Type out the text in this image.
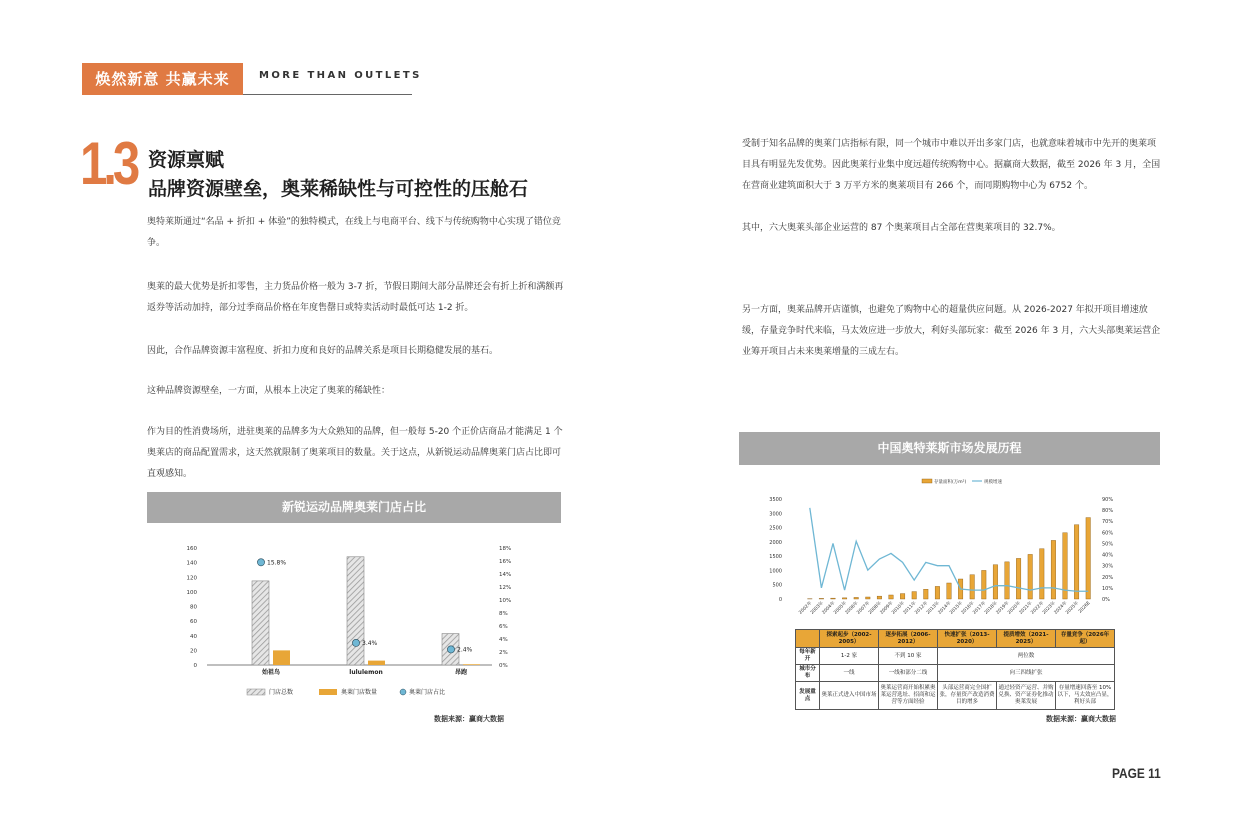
焕然新意 共赢未来	MORE THAN OUTLETS
1.3 资源禀赋
品牌资源壁垒，奥莱稀缺性与可控性的压舱石

奥特莱斯通过“名品 + 折扣 + 体验”的独特模式，在线上与电商平台、线下与传统购物中心实现了错位竞争。

奥莱的最大优势是折扣零售，主力货品价格一般为 3-7 折，节假日期间大部分品牌还会有折上折和满额再返券等活动加持，部分过季商品价格在年度售罄日或特卖活动时最低可达 1-2 折。

因此，合作品牌资源丰富程度、折扣力度和良好的品牌关系是项目长期稳健发展的基石。

这种品牌资源壁垒，一方面，从根本上决定了奥莱的稀缺性：

作为目的性消费场所，进驻奥莱的品牌多为大众熟知的品牌，但一般每 5-20 个正价店商品才能满足 1 个奥莱店的商品配置需求，这天然就限制了奥莱项目的数量。关于这点，从新锐运动品牌奥莱门店占比即可直观感知。

受制于知名品牌的奥莱门店指标有限，同一个城市中难以开出多家门店，也就意味着城市中先开的奥莱项目具有明显先发优势。因此奥莱行业集中度远超传统购物中心。据赢商大数据，截至 2026 年 3 月，全国在营商业建筑面积大于 3 万平方米的奥莱项目有 266 个，而同期购物中心为 6752 个。

其中，六大奥莱头部企业运营的 87 个奥莱项目占全部在营奥莱项目的 32.7%。

另一方面，奥莱品牌开店谨慎，也避免了购物中心的超量供应问题。从 2026-2027 年拟开项目增速放缓，存量竞争时代来临，马太效应进一步放大，利好头部玩家：截至 2026 年 3 月，六大头部奥莱运营企业筹开项目占未来奥莱增量的三成左右。

新锐运动品牌奥莱门店占比
0
20
40
60
80
100
120
140
160
0%
2%
4%
6%
8%
10%
12%
14%
16%
18%
始祖鸟
15.8%
lululemon
3.4%
昂跑
2.4%
门店总数	奥莱门店数量	奥莱门店占比
中国奥特莱斯市场发展历程
0
500
1000
1500
2000
2500
3000
3500
0%
10%
20%
30%
40%
50%
60%
70%
80%
90%
2002年
2003年
2004年
2005年
2006年
2007年
2008年
2009年
2010年
2011年
2012年
2013年
2014年
2015年
2016年
2017年
2018年
2019年
2020年
2021年
2022年
2023年
2024年
2025年
2026E
存量面积(万m²)	规模增速
	探索起步（2002-2005）	逐步拓展（2006-2012）	快速扩张（2013-2020）	提质增效（2021-2025）	存量竞争（2026年起）
每年新开	1-2 家	不到 10 家	两位数		
城市分布	一线	一线和部分二线	向三四线扩张		
发展重点	奥莱正式进入中国市场	奥莱运营商开始积累奥莱运营选址、招商和运营等方面经验	头部运营商完全国扩张，存量资产改造消费目的增多	通过轻资产运营、并购兑换、资产证券化推动奥莱发展	存量增速回落至 10% 以下，马太效应凸显，利好头部
数据来源：赢商大数据	数据来源：赢商大数据
PAGE 11
